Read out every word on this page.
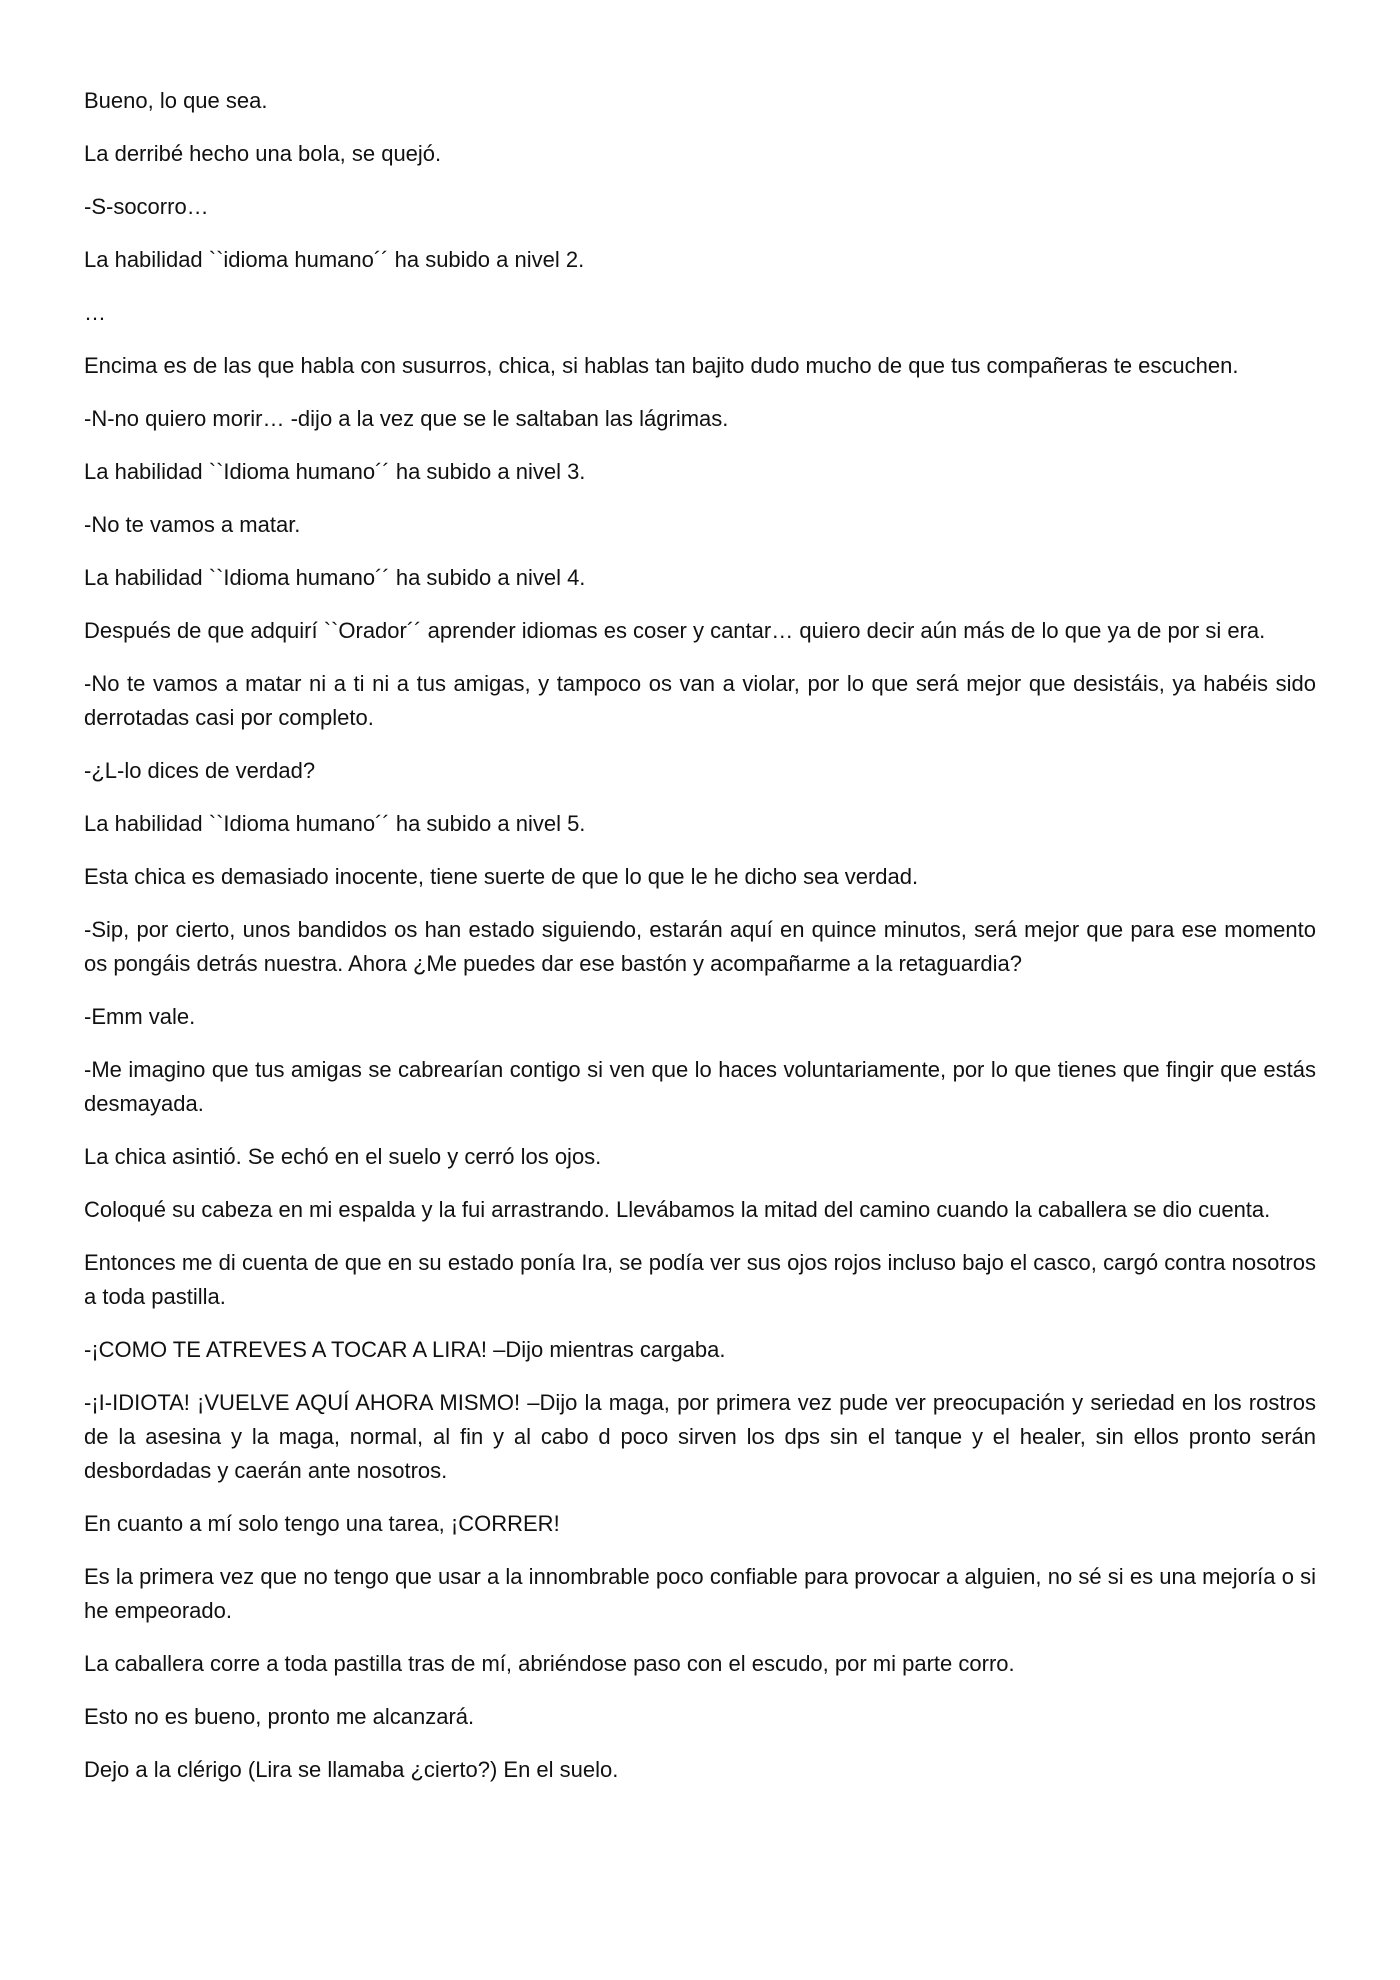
Bueno, lo que sea.

La derribé hecho una bola, se quejó.

-S-socorro…

La habilidad ``idioma humano´´ ha subido a nivel 2.

…

Encima es de las que habla con susurros, chica, si hablas tan bajito dudo mucho de que tus compañeras te escuchen.

-N-no quiero morir… -dijo a la vez que se le saltaban las lágrimas.

La habilidad ``Idioma humano´´ ha subido a nivel 3.

-No te vamos a matar.

La habilidad ``Idioma humano´´ ha subido a nivel 4.

Después de que adquirí ``Orador´´ aprender idiomas es coser y cantar… quiero decir aún más de lo que ya de por si era.

-No te vamos a matar ni a ti ni a tus amigas, y tampoco os van a violar, por lo que será mejor que desistáis, ya habéis sido derrotadas casi por completo.

-¿L-lo dices de verdad?

La habilidad ``Idioma humano´´ ha subido a nivel 5.

Esta chica es demasiado inocente, tiene suerte de que lo que le he dicho sea verdad.

-Sip, por cierto, unos bandidos os han estado siguiendo, estarán aquí en quince minutos, será mejor que para ese momento os pongáis detrás nuestra. Ahora ¿Me puedes dar ese bastón y acompañarme a la retaguardia?

-Emm vale.

-Me imagino que tus amigas se cabrearían contigo si ven que lo haces voluntariamente, por lo que tienes que fingir que estás desmayada.

La chica asintió. Se echó en el suelo y cerró los ojos.

Coloqué su cabeza en mi espalda y la fui arrastrando. Llevábamos la mitad del camino cuando la caballera se dio cuenta.

Entonces me di cuenta de que en su estado ponía Ira, se podía ver sus ojos rojos incluso bajo el casco, cargó contra nosotros a toda pastilla.

-¡COMO TE ATREVES A TOCAR A LIRA! –Dijo mientras cargaba.

-¡I-IDIOTA! ¡VUELVE AQUÍ AHORA MISMO! –Dijo la maga, por primera vez pude ver preocupación y seriedad en los rostros de la asesina y la maga, normal, al fin y al cabo d poco sirven los dps sin el tanque y el healer, sin ellos pronto serán desbordadas y caerán ante nosotros.

En cuanto a mí solo tengo una tarea, ¡CORRER!

Es la primera vez que no tengo que usar a la innombrable poco confiable para provocar a alguien, no sé si es una mejoría o si he empeorado.

La caballera corre a toda pastilla tras de mí, abriéndose paso con el escudo, por mi parte corro.

Esto no es bueno, pronto me alcanzará.

Dejo a la clérigo (Lira se llamaba ¿cierto?) En el suelo.
